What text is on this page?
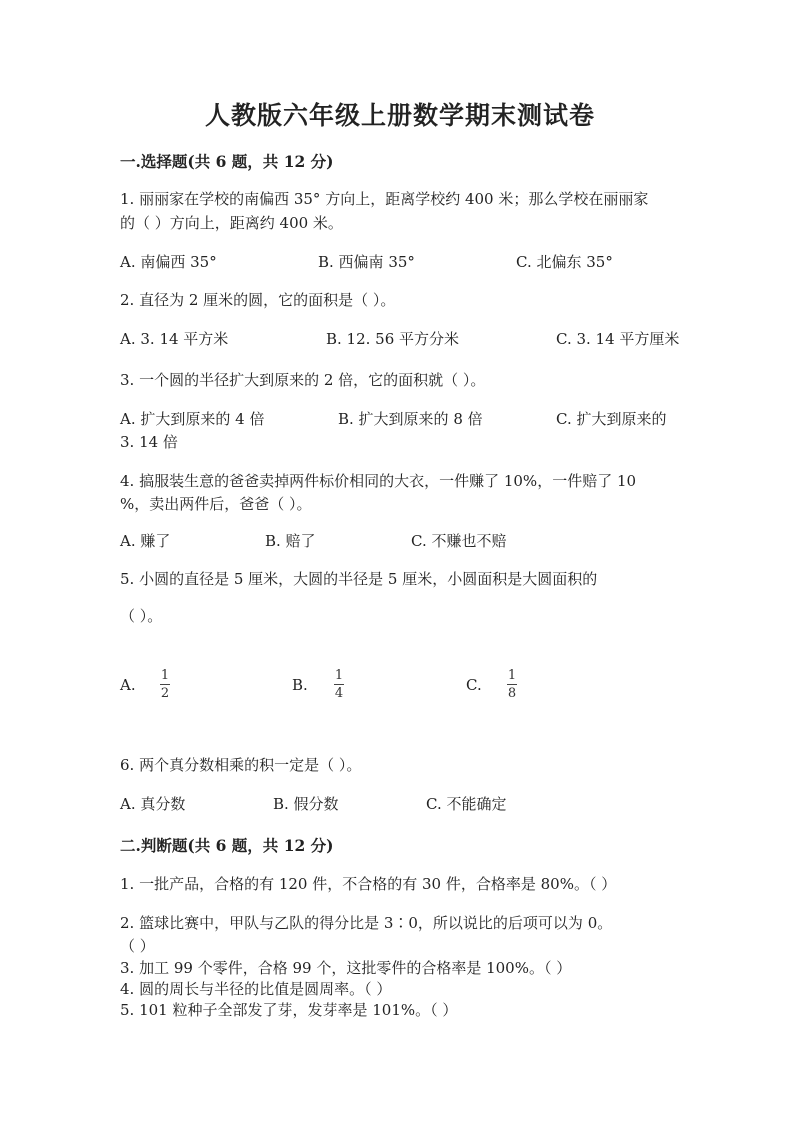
人教版六年级上册数学期末测试卷
一.选择题(共 6 题，共 12 分)
1. 丽丽家在学校的南偏西 35° 方向上，距离学校约 400 米；那么学校在丽丽家
的（ ）方向上，距离约 400 米。
A. 南偏西 35°	B. 西偏南 35°	C. 北偏东 35°
2. 直径为 2 厘米的圆，它的面积是（ ）。
A. 3. 14 平方米	B. 12. 56 平方分米	C. 3. 14 平方厘米
3. 一个圆的半径扩大到原来的 2 倍，它的面积就（ ）。
A. 扩大到原来的 4 倍	B. 扩大到原来的 8 倍	C. 扩大到原来的
3. 14 倍
4. 搞服装生意的爸爸卖掉两件标价相同的大衣，一件赚了 10%，一件赔了 10
%，卖出两件后，爸爸（ ）。
A. 赚了	B. 赔了	C. 不赚也不赔
5. 小圆的直径是 5 厘米，大圆的半径是 5 厘米，小圆面积是大圆面积的
（ ）。
A.
1
2	B.
1
4	C.
1
8
6. 两个真分数相乘的积一定是（ ）。
A. 真分数	B. 假分数	C. 不能确定
二.判断题(共 6 题，共 12 分)
1. 一批产品，合格的有 120 件，不合格的有 30 件，合格率是 80%。（ ）
2. 篮球比赛中，甲队与乙队的得分比是 3∶0，所以说比的后项可以为 0。
（ ）
3. 加工 99 个零件，合格 99 个，这批零件的合格率是 100%。（ ）
4. 圆的周长与半径的比值是圆周率。（ ）
5. 101 粒种子全部发了芽，发芽率是 101%。（ ）
